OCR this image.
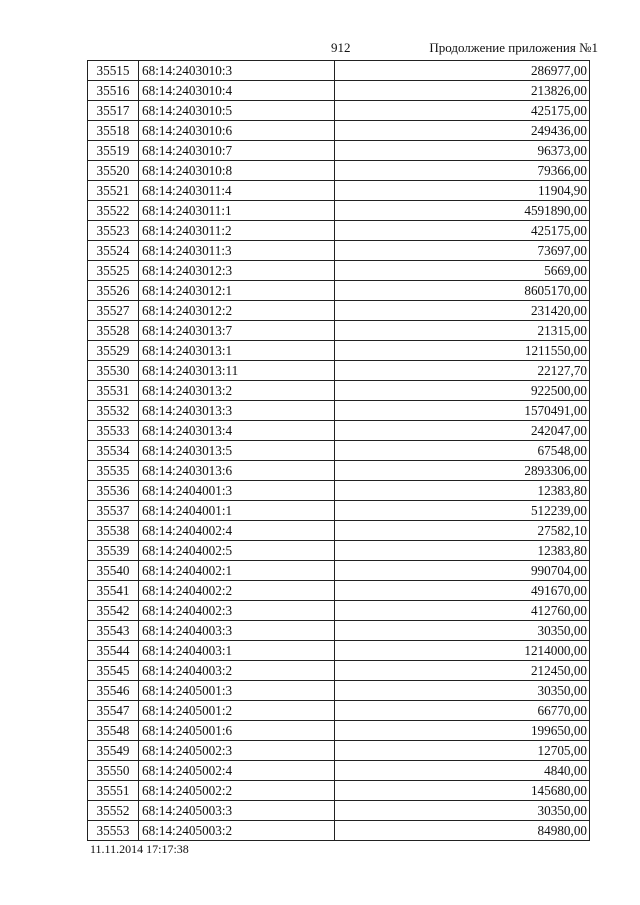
912	Продолжение приложения №1
35515	68:14:2403010:3	286977,00
35516	68:14:2403010:4	213826,00
35517	68:14:2403010:5	425175,00
35518	68:14:2403010:6	249436,00
35519	68:14:2403010:7	96373,00
35520	68:14:2403010:8	79366,00
35521	68:14:2403011:4	11904,90
35522	68:14:2403011:1	4591890,00
35523	68:14:2403011:2	425175,00
35524	68:14:2403011:3	73697,00
35525	68:14:2403012:3	5669,00
35526	68:14:2403012:1	8605170,00
35527	68:14:2403012:2	231420,00
35528	68:14:2403013:7	21315,00
35529	68:14:2403013:1	1211550,00
35530	68:14:2403013:11	22127,70
35531	68:14:2403013:2	922500,00
35532	68:14:2403013:3	1570491,00
35533	68:14:2403013:4	242047,00
35534	68:14:2403013:5	67548,00
35535	68:14:2403013:6	2893306,00
35536	68:14:2404001:3	12383,80
35537	68:14:2404001:1	512239,00
35538	68:14:2404002:4	27582,10
35539	68:14:2404002:5	12383,80
35540	68:14:2404002:1	990704,00
35541	68:14:2404002:2	491670,00
35542	68:14:2404002:3	412760,00
35543	68:14:2404003:3	30350,00
35544	68:14:2404003:1	1214000,00
35545	68:14:2404003:2	212450,00
35546	68:14:2405001:3	30350,00
35547	68:14:2405001:2	66770,00
35548	68:14:2405001:6	199650,00
35549	68:14:2405002:3	12705,00
35550	68:14:2405002:4	4840,00
35551	68:14:2405002:2	145680,00
35552	68:14:2405003:3	30350,00
35553	68:14:2405003:2	84980,00
11.11.2014 17:17:38
